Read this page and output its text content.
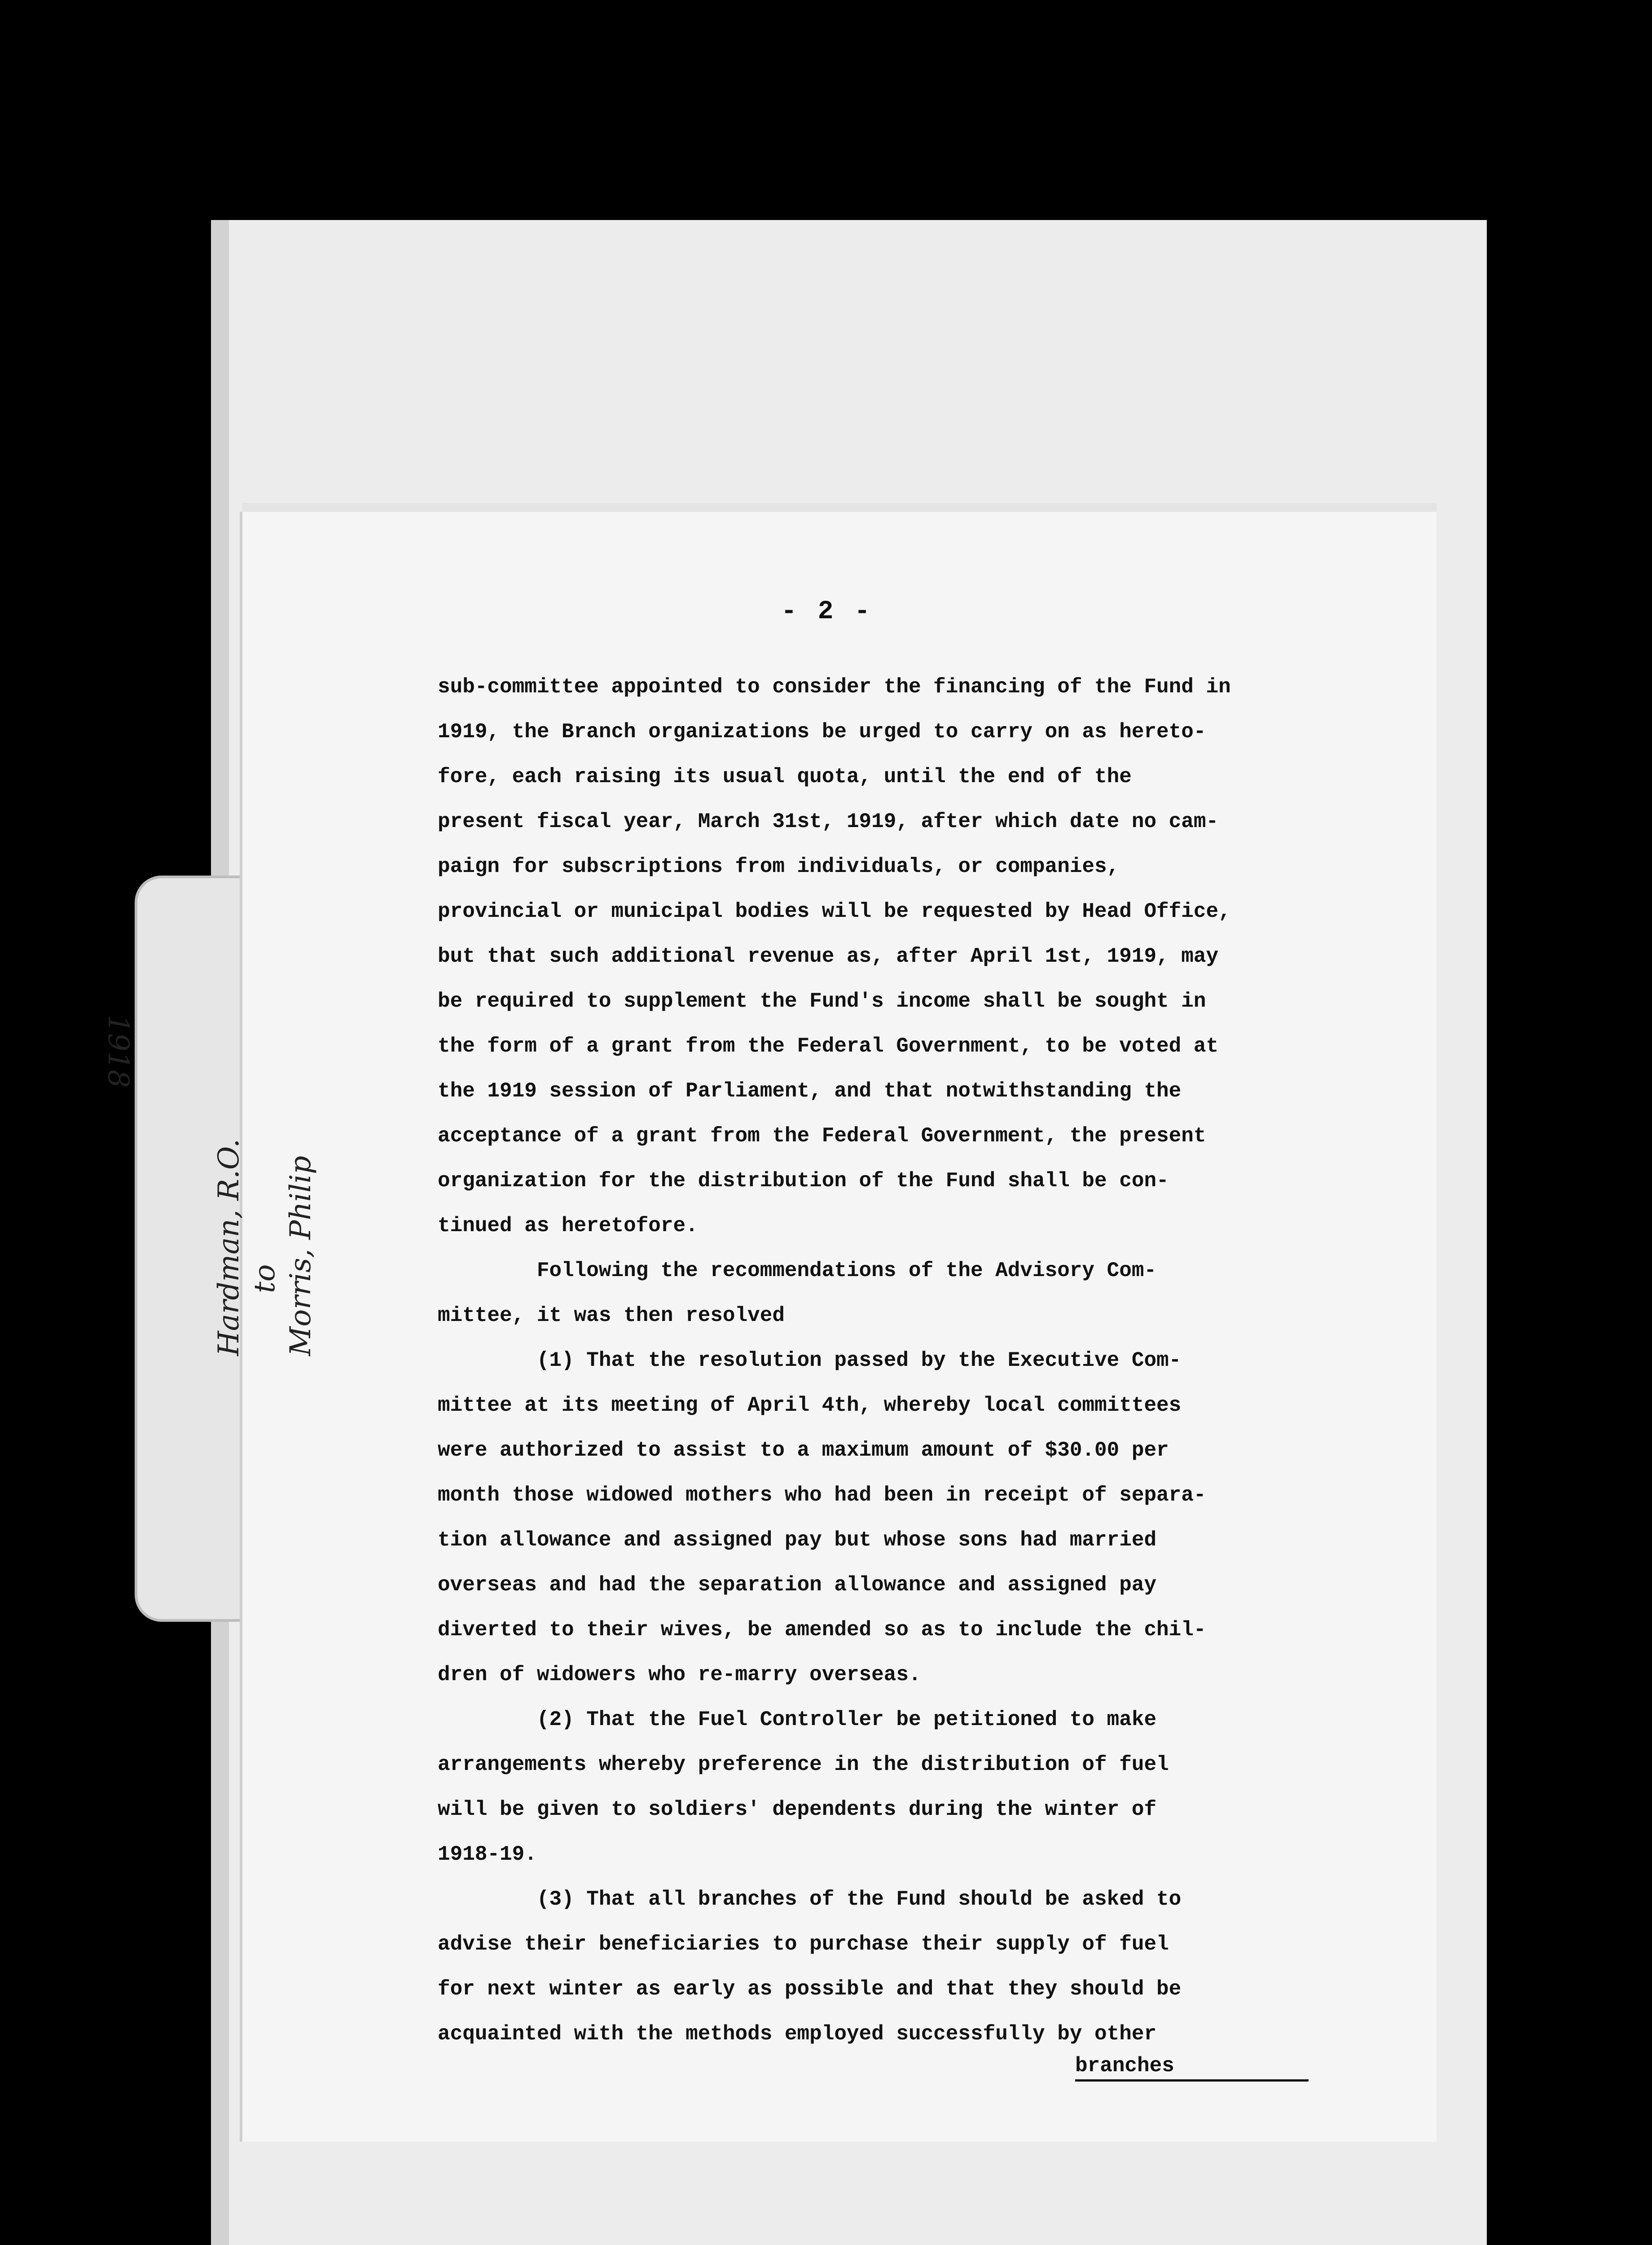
- 2 -
sub-committee appointed to consider the financing of the Fund in
1919, the Branch organizations be urged to carry on as hereto-
fore, each raising its usual quota, until the end of the
present fiscal year, March 31st, 1919, after which date no cam-
paign for subscriptions from individuals, or companies,
provincial or municipal bodies will be requested by Head Office,
but that such additional revenue as, after April 1st, 1919, may
be required to supplement the Fund's income shall be sought in
the form of a grant from the Federal Government, to be voted at
the 1919 session of Parliament, and that notwithstanding the
acceptance of a grant from the Federal Government, the present
organization for the distribution of the Fund shall be con-
tinued as heretofore.
Following the recommendations of the Advisory Com-
mittee, it was then resolved
(1) That the resolution passed by the Executive Com-
mittee at its meeting of April 4th, whereby local committees
were authorized to assist to a maximum amount of $30.00 per
month those widowed mothers who had been in receipt of separa-
tion allowance and assigned pay but whose sons had married
overseas and had the separation allowance and assigned pay
diverted to their wives, be amended so as to include the chil-
dren of widowers who re-marry overseas.
(2) That the Fuel Controller be petitioned to make
arrangements whereby preference in the distribution of fuel
will be given to soldiers' dependents during the winter of
1918-19.
(3) That all branches of the Fund should be asked to
advise their beneficiaries to purchase their supply of fuel
for next winter as early as possible and that they should be
acquainted with the methods employed successfully by other
branches
1918
Hardman, R.O. to Morris, Philip
